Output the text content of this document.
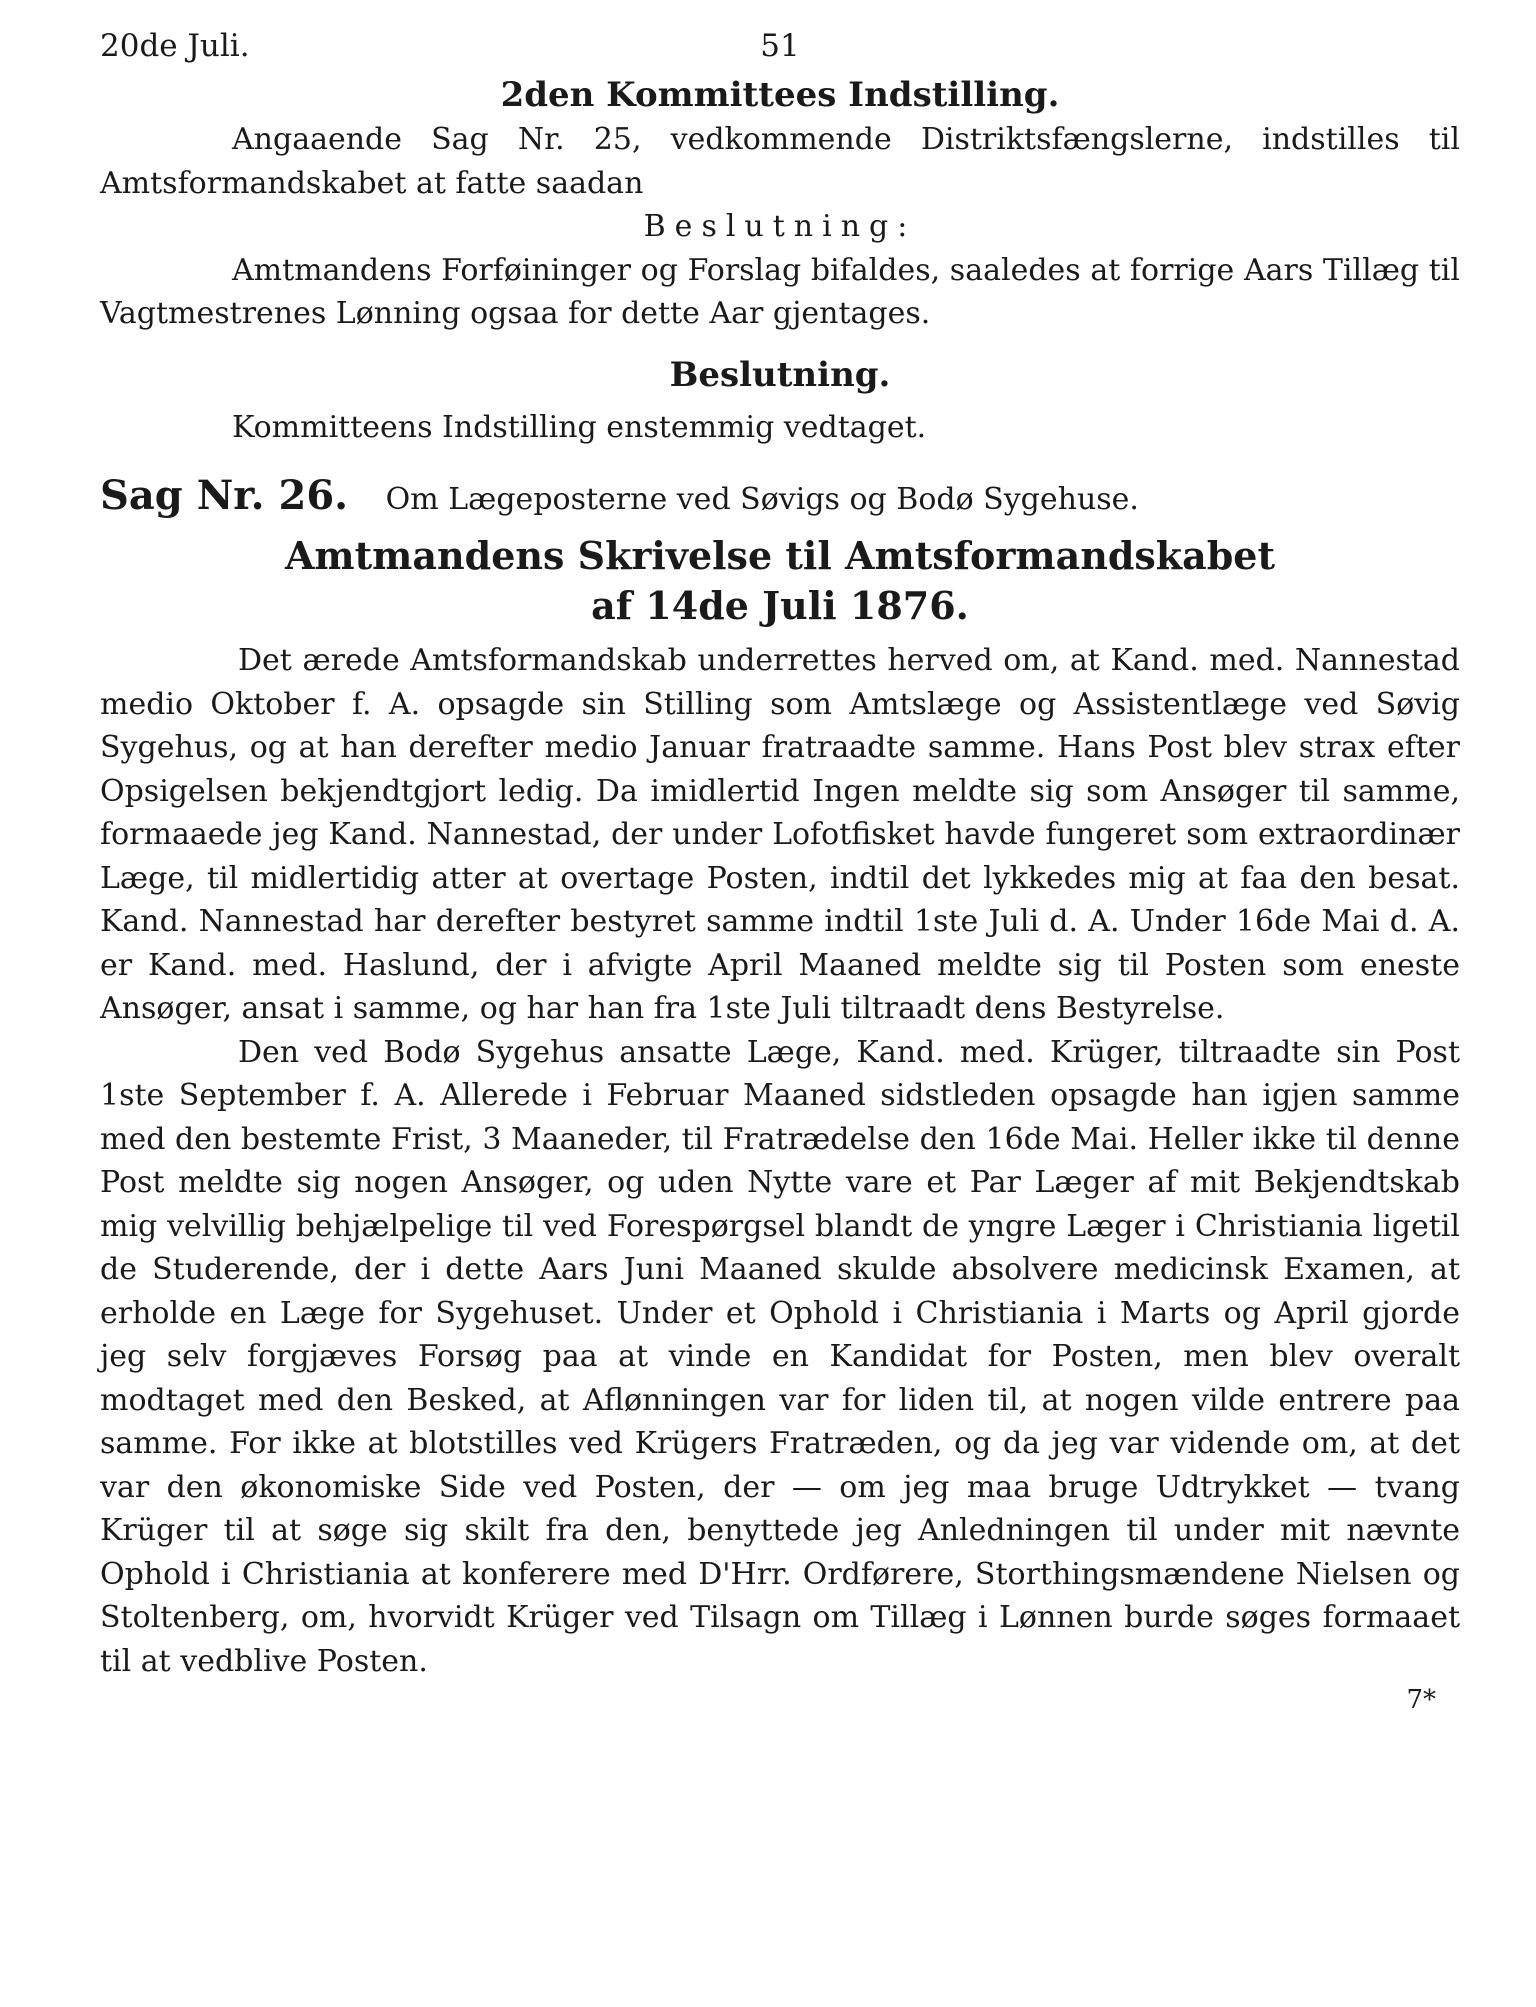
20de Juli.	51
2den Kommittees Indstilling.

Angaaende Sag Nr. 25, vedkommende Distriktsfængslerne, indstilles til Amtsformandskabet at fatte saadan

Beslutning:

Amtmandens Forføininger og Forslag bifaldes, saaledes at forrige Aars Tillæg til Vagtmestrenes Lønning ogsaa for dette Aar gjentages.

Beslutning.

Kommitteens Indstilling enstemmig vedtaget.

Sag Nr. 26. Om Lægeposterne ved Søvigs og Bodø Sygehuse.

Amtmandens Skrivelse til Amtsformandskabet
af 14de Juli 1876.

Det ærede Amtsformandskab underrettes herved om, at Kand. med. Nannestad medio Oktober f. A. opsagde sin Stilling som Amtslæge og Assistentlæge ved Søvig Sygehus, og at han derefter medio Januar fratraadte samme. Hans Post blev strax efter Opsigelsen bekjendtgjort ledig. Da imidlertid Ingen meldte sig som Ansøger til samme, formaaede jeg Kand. Nannestad, der under Lofotfisket havde fungeret som extraordinær Læge, til midlertidig atter at overtage Posten, indtil det lykkedes mig at faa den besat. Kand. Nannestad har derefter bestyret samme indtil 1ste Juli d. A. Under 16de Mai d. A. er Kand. med. Haslund, der i afvigte April Maaned meldte sig til Posten som eneste Ansøger, ansat i samme, og har han fra 1ste Juli tiltraadt dens Bestyrelse.

Den ved Bodø Sygehus ansatte Læge, Kand. med. Krüger, tiltraadte sin Post 1ste September f. A. Allerede i Februar Maaned sidstleden opsagde han igjen samme med den bestemte Frist, 3 Maaneder, til Fratrædelse den 16de Mai. Heller ikke til denne Post meldte sig nogen Ansøger, og uden Nytte vare et Par Læger af mit Bekjendtskab mig velvillig behjælpelige til ved Forespørgsel blandt de yngre Læger i Christiania ligetil de Studerende, der i dette Aars Juni Maaned skulde absolvere medicinsk Examen, at erholde en Læge for Sygehuset. Under et Ophold i Christiania i Marts og April gjorde jeg selv forgjæves Forsøg paa at vinde en Kandidat for Posten, men blev overalt modtaget med den Besked, at Aflønningen var for liden til, at nogen vilde entrere paa samme. For ikke at blotstilles ved Krügers Fratræden, og da jeg var vidende om, at det var den økonomiske Side ved Posten, der — om jeg maa bruge Udtrykket — tvang Krüger til at søge sig skilt fra den, benyttede jeg Anledningen til under mit nævnte Ophold i Christiania at konferere med D'Hrr. Ordførere, Storthingsmændene Nielsen og Stoltenberg, om, hvorvidt Krüger ved Tilsagn om Tillæg i Lønnen burde søges formaaet til at vedblive Posten.

7*
